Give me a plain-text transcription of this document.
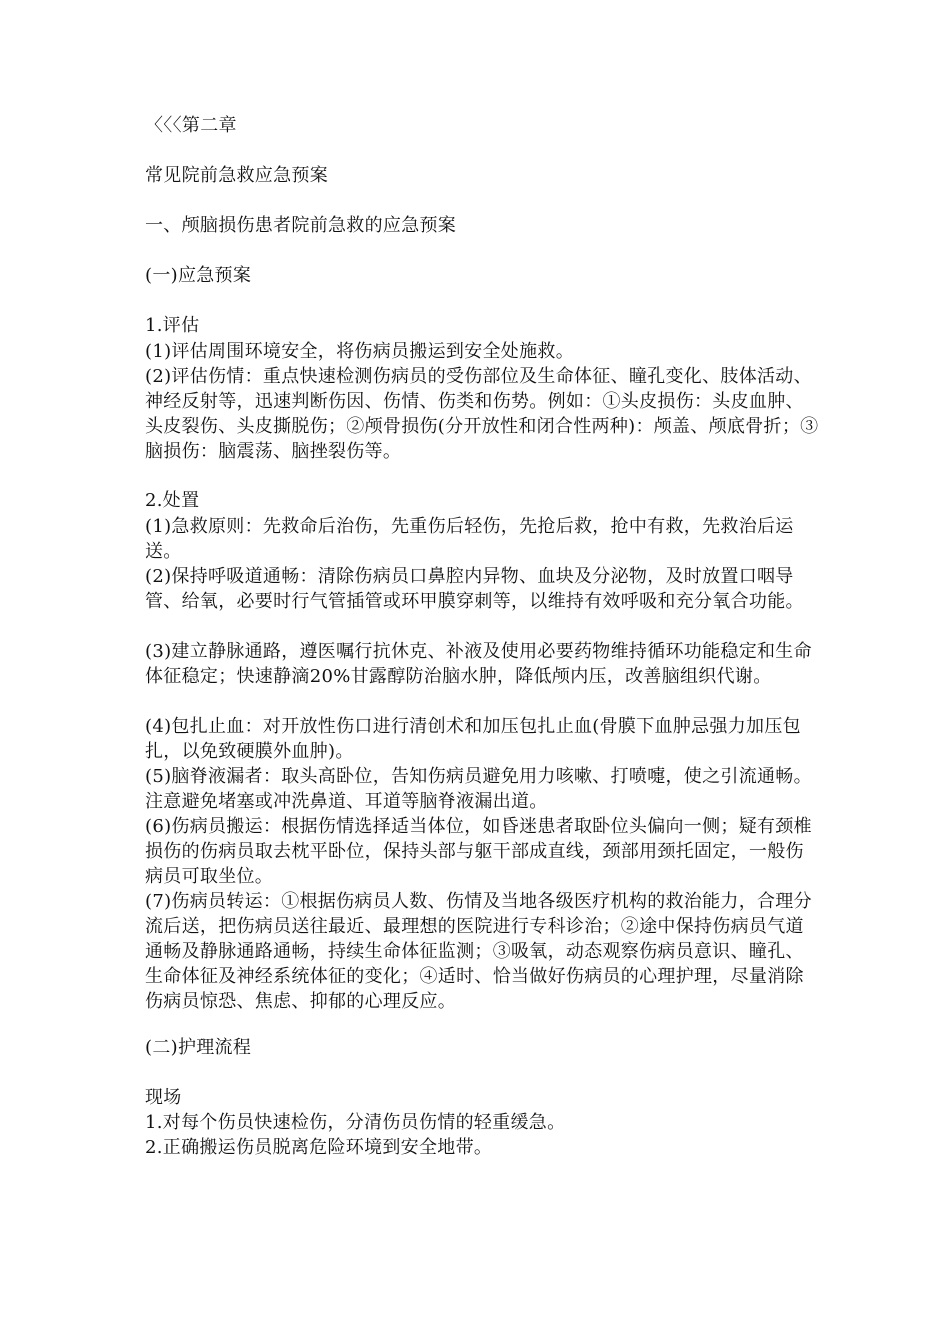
〈〈〈第二章
常见院前急救应急预案
一、颅脑损伤患者院前急救的应急预案
(一)应急预案
1.评估
(1)评估周围环境安全，将伤病员搬运到安全处施救。
(2)评估伤情：重点快速检测伤病员的受伤部位及生命体征、瞳孔变化、肢体活动、神经反射等，迅速判断伤因、伤情、伤类和伤势。例如：①头皮损伤：头皮血肿、头皮裂伤、头皮撕脱伤；②颅骨损伤(分开放性和闭合性两种)：颅盖、颅底骨折；③脑损伤：脑震荡、脑挫裂伤等。
2.处置
(1)急救原则：先救命后治伤，先重伤后轻伤，先抢后救，抢中有救，先救治后运送。
(2)保持呼吸道通畅：清除伤病员口鼻腔内异物、血块及分泌物，及时放置口咽导管、给氧，必要时行气管插管或环甲膜穿刺等，以维持有效呼吸和充分氧合功能。
(3)建立静脉通路，遵医嘱行抗休克、补液及使用必要药物维持循环功能稳定和生命体征稳定；快速静滴20%甘露醇防治脑水肿，降低颅内压，改善脑组织代谢。
(4)包扎止血：对开放性伤口进行清创术和加压包扎止血(骨膜下血肿忌强力加压包扎，以免致硬膜外血肿)。
(5)脑脊液漏者：取头高卧位，告知伤病员避免用力咳嗽、打喷嚏，使之引流通畅。注意避免堵塞或冲洗鼻道、耳道等脑脊液漏出道。
(6)伤病员搬运：根据伤情选择适当体位，如昏迷患者取卧位头偏向一侧；疑有颈椎损伤的伤病员取去枕平卧位，保持头部与躯干部成直线，颈部用颈托固定，一般伤病员可取坐位。
(7)伤病员转运：①根据伤病员人数、伤情及当地各级医疗机构的救治能力，合理分流后送，把伤病员送往最近、最理想的医院进行专科诊治；②途中保持伤病员气道通畅及静脉通路通畅，持续生命体征监测；③吸氧，动态观察伤病员意识、瞳孔、生命体征及神经系统体征的变化；④适时、恰当做好伤病员的心理护理，尽量消除伤病员惊恐、焦虑、抑郁的心理反应。
(二)护理流程
现场
1.对每个伤员快速检伤，分清伤员伤情的轻重缓急。
2.正确搬运伤员脱离危险环境到安全地带。
